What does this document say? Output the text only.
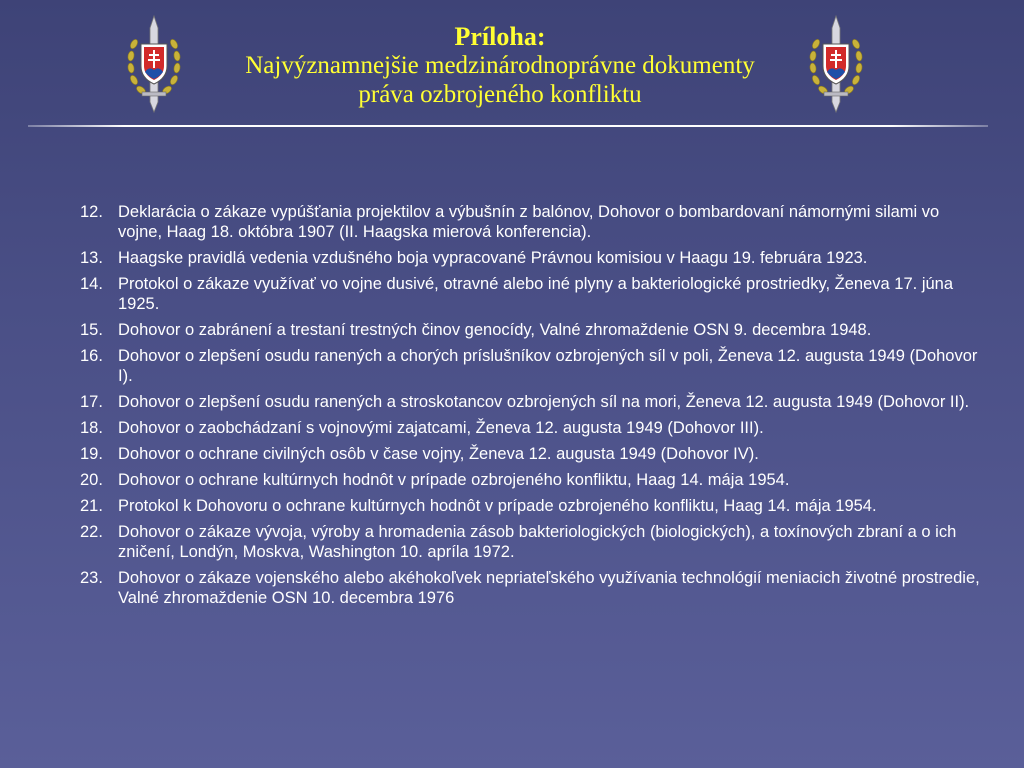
Príloha:
Najvýznamnejšie medzinárodnoprávne dokumenty
práva ozbrojeného konfliktu
12. Deklarácia o zákaze vypúšťania projektilov a výbušnín z balónov, Dohovor o bombardovaní námornými silami vo vojne, Haag 18. októbra 1907 (II. Haagska mierová konferencia).
13. Haagske pravidlá vedenia vzdušného boja vypracované Právnou komisiou v Haagu 19. februára 1923.
14. Protokol o zákaze využívať vo vojne dusivé, otravné alebo iné plyny a bakteriologické prostriedky, Ženeva 17. júna 1925.
15. Dohovor o zabránení a trestaní trestných činov genocídy, Valné zhromaždenie OSN 9. decembra 1948.
16. Dohovor o zlepšení osudu ranených a chorých príslušníkov ozbrojených síl v poli, Ženeva 12. augusta 1949 (Dohovor I).
17. Dohovor o zlepšení osudu ranených a stroskotancov ozbrojených síl na mori, Ženeva 12. augusta 1949 (Dohovor II).
18. Dohovor o zaobchádzaní s vojnovými zajatcami, Ženeva 12. augusta 1949 (Dohovor III).
19. Dohovor o ochrane civilných osôb v čase vojny, Ženeva 12. augusta 1949 (Dohovor IV).
20. Dohovor o ochrane kultúrnych hodnôt v prípade ozbrojeného konfliktu, Haag 14. mája 1954.
21. Protokol k Dohovoru o ochrane kultúrnych hodnôt v prípade ozbrojeného konfliktu, Haag 14. mája 1954.
22. Dohovor o zákaze vývoja, výroby a hromadenia zásob bakteriologických (biologických), a toxínových zbraní a o ich zničení, Londýn, Moskva, Washington 10. apríla 1972.
23. Dohovor o zákaze vojenského alebo akéhokoľvek nepriateľského využívania technológií meniacich životné prostredie, Valné zhromaždenie OSN 10. decembra 1976
